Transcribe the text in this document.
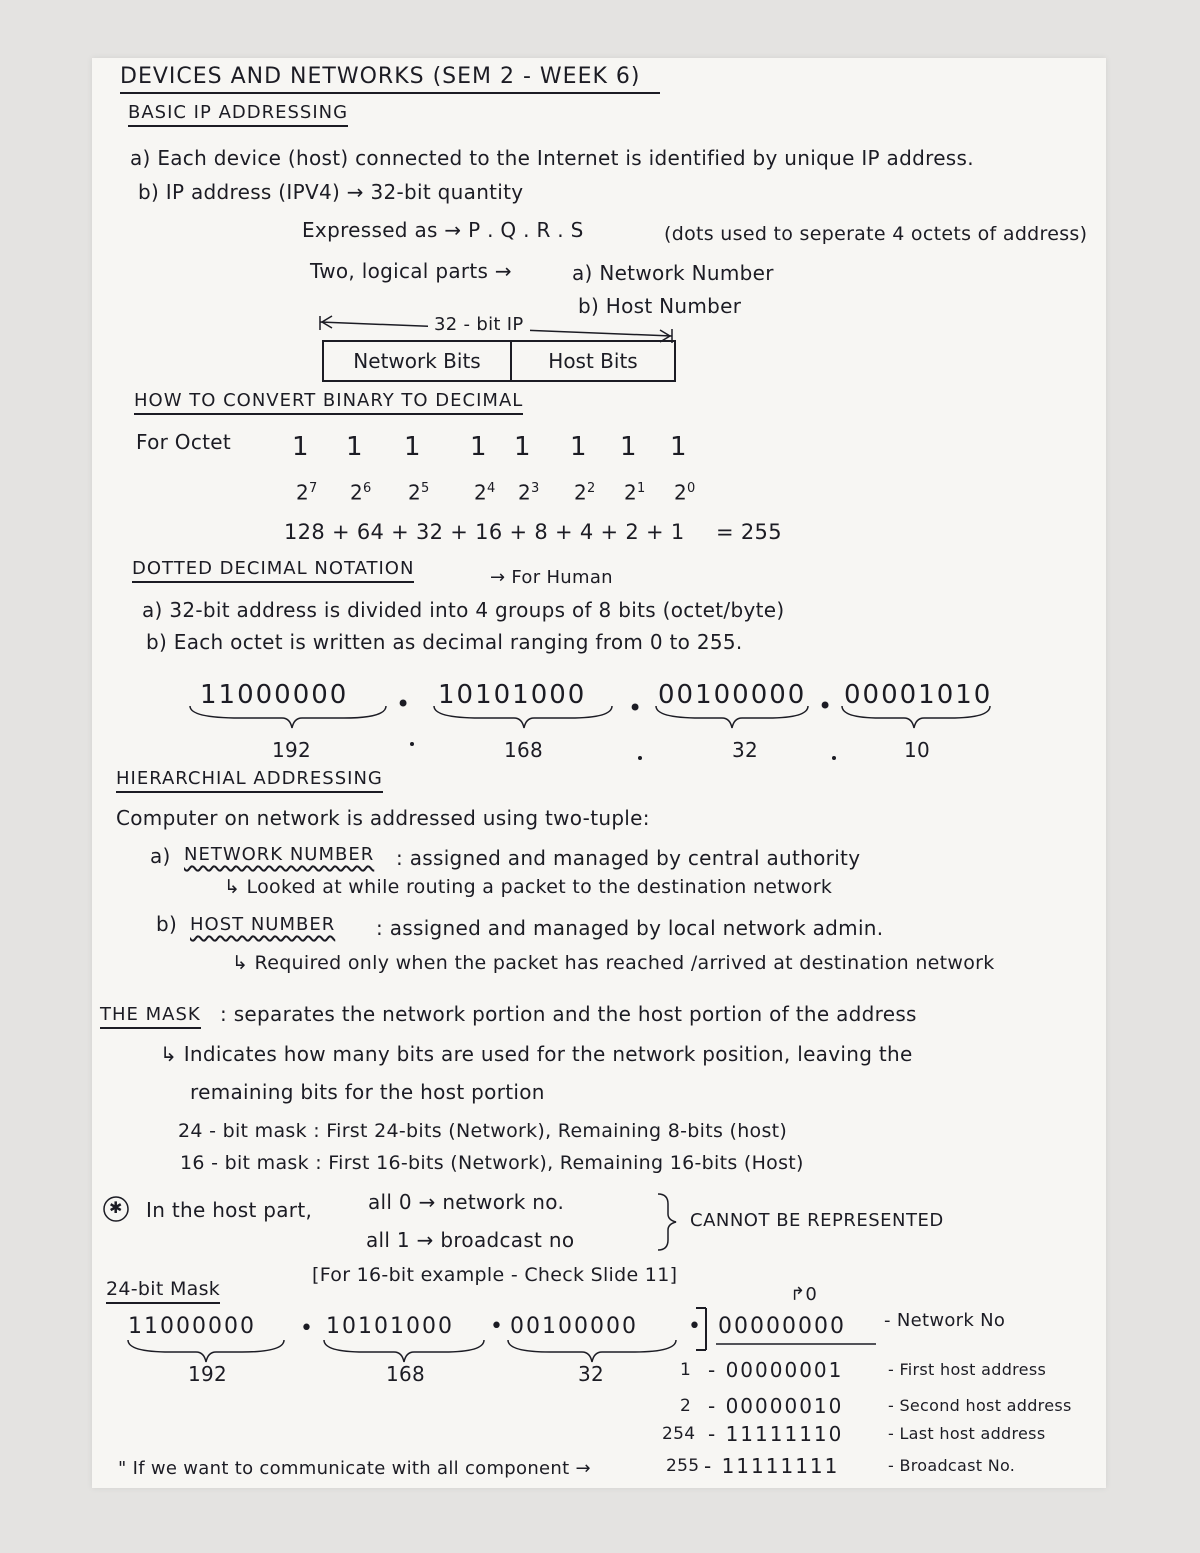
DEVICES AND NETWORKS (SEM 2 - WEEK 6)
BASIC IP ADDRESSING
a) Each device (host) connected to the Internet is identified by unique IP address.
b) IP address (IPV4) → 32-bit quantity
Expressed as → P . Q . R . S	(dots used to seperate 4 octets of address)
Two, logical parts →	a) Network Number
b) Host Number
32 - bit IP
Network Bits	Host Bits
HOW TO CONVERT BINARY TO DECIMAL
For Octet 1 1 1 1 1 1 1 1
$2^7$ $2^6$ $2^5$ $2^4$ $2^3$ $2^2$ $2^1$ $2^0$
128 + 64 + 32 + 16 + 8 + 4 + 2 + 1 = 255
DOTTED DECIMAL NOTATION	→ For Human
a) 32-bit address is divided into 4 groups of 8 bits (octet/byte)
b) Each octet is written as decimal ranging from 0 to 255.
11000000	10101000	00100000 00001010
•	•	•
192	168	32	10
HIERARCHIAL ADDRESSING
Computer on network is addressed using two-tuple:
a) NETWORK NUMBER : assigned and managed by central authority
↳ Looked at while routing a packet to the destination network
b) HOST NUMBER : assigned and managed by local network admin.
↳ Required only when the packet has reached /arrived at destination network
THE MASK : separates the network portion and the host portion of the address
↳ Indicates how many bits are used for the network position, leaving the
remaining bits for the host portion
24 - bit mask : First 24-bits (Network), Remaining 8-bits (host)
16 - bit mask : First 16-bits (Network), Remaining 16-bits (Host)
✱ In the host part,	all 0 → network no.
all 1 → broadcast no
CANNOT BE REPRESENTED
24-bit Mask
[For 16-bit example - Check Slide 11]
↱0
11000000	10101000	00100000	00000000
•	•	•
192	168	32
- Network No
1 - 00000001	- First host address
2 - 00000010	- Second host address
254 - 11111110	- Last host address
255 - 11111111	- Broadcast No.
" If we want to communicate with all component →
